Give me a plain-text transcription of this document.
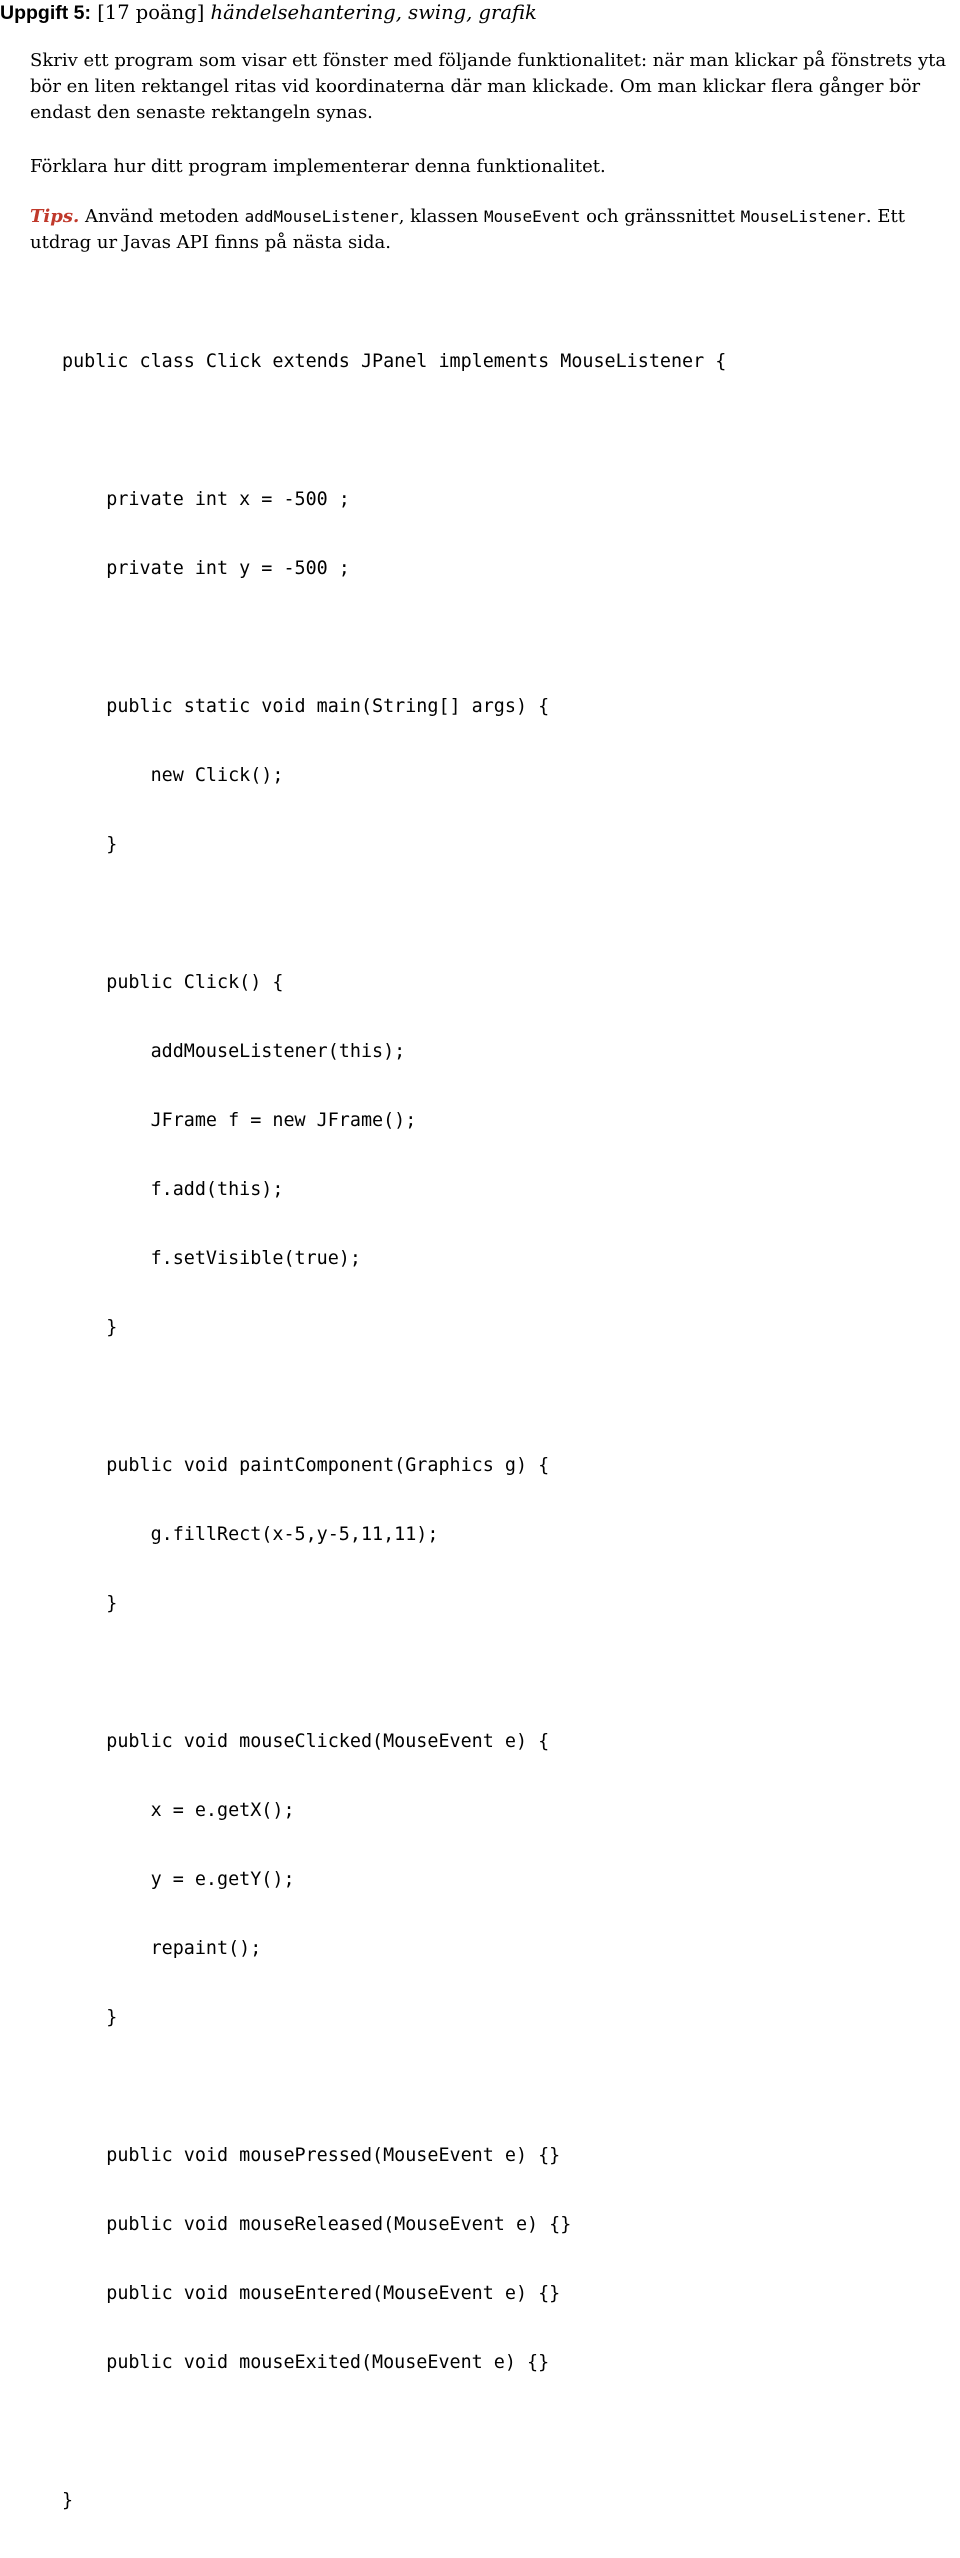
Uppgift 5: [17 poäng] händelsehantering, swing, grafik
Skriv ett program som visar ett fönster med följande funktionalitet: när man klickar på fönstrets yta
bör en liten rektangel ritas vid koordinaterna där man klickade. Om man klickar flera gånger bör
endast den senaste rektangeln synas.
Förklara hur ditt program implementerar denna funktionalitet.
Tips. Använd metoden addMouseListener, klassen MouseEvent och gränssnittet MouseListener. Ett
utdrag ur Javas API finns på nästa sida.

public class Click extends JPanel implements MouseListener {

private int x = -500 ;

private int y = -500 ;

public static void main(String[] args) {

new Click();

}

public Click() {

addMouseListener(this);

JFrame f = new JFrame();

f.add(this);

f.setVisible(true);

}

public void paintComponent(Graphics g) {

g.fillRect(x-5,y-5,11,11);

}

public void mouseClicked(MouseEvent e) {

x = e.getX();

y = e.getY();

repaint();

}

public void mousePressed(MouseEvent e) {}

public void mouseReleased(MouseEvent e) {}

public void mouseEntered(MouseEvent e) {}

public void mouseExited(MouseEvent e) {}

}
